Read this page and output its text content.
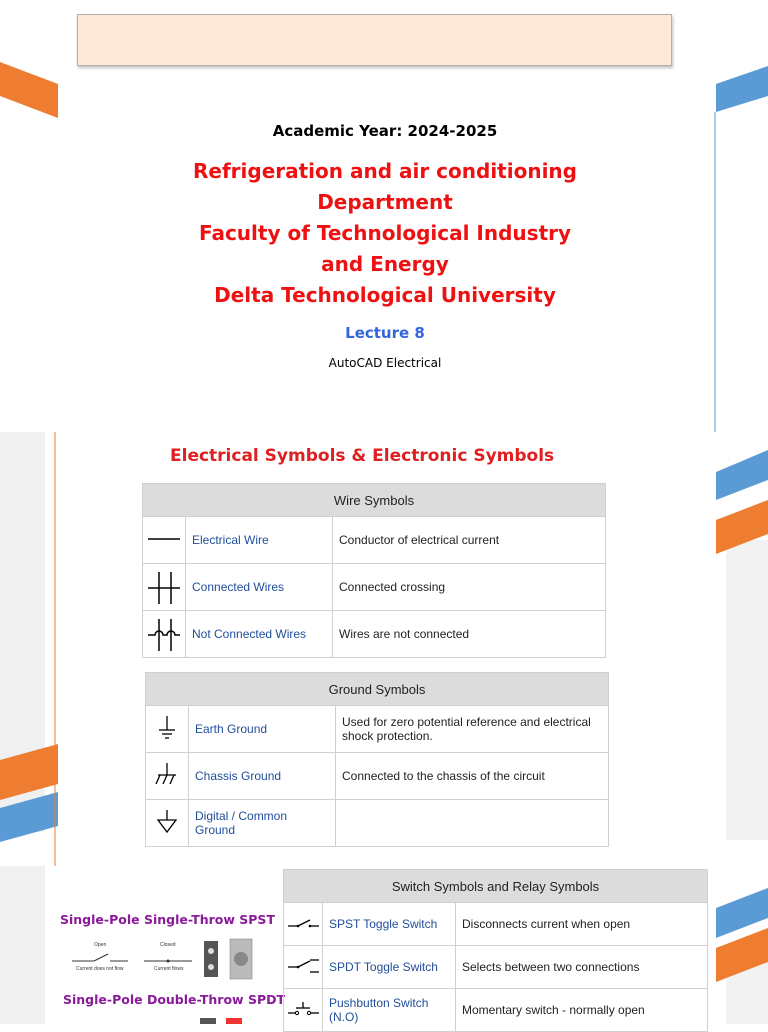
Academic Year: 2024-2025
Refrigeration and air conditioning
Department
Faculty of Technological Industry
and Energy
Delta Technological University
Lecture 8
AutoCAD Electrical
Electrical Symbols & Electronic Symbols
Wire Symbols		
	Electrical Wire	Conductor of electrical current
	Connected Wires	Connected crossing
	Not Connected Wires	Wires are not connected
Ground Symbols		
	Earth Ground	Used for zero potential reference and electrical shock protection.
	Chassis Ground	Connected to the chassis of the circuit
	Digital / Common Ground	
Single-Pole Single-Throw SPST
Open	Closed
Current does not flow	Current flows
Single-Pole Double-Throw SPDT
Switch Symbols and Relay Symbols		
	SPST Toggle Switch	Disconnects current when open
	SPDT Toggle Switch	Selects between two connections
	Pushbutton Switch (N.O)	Momentary switch - normally open
